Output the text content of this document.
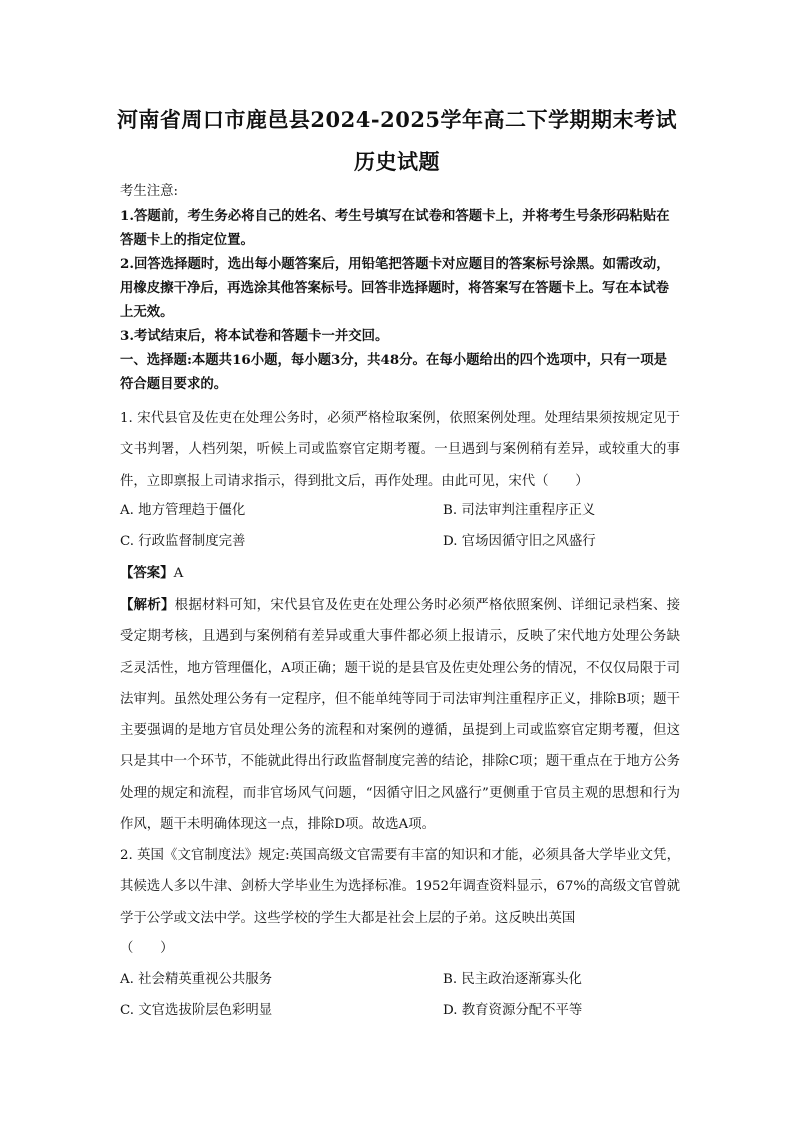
河南省周口市鹿邑县2024-2025学年高二下学期期末考试
历史试题
考生注意:
1.答题前，考生务必将自己的姓名、考生号填写在试卷和答题卡上，并将考生号条形码粘贴在答题卡上的指定位置。
2.回答选择题时，选出每小题答案后，用铅笔把答题卡对应题目的答案标号涂黑。如需改动，用橡皮擦干净后，再选涂其他答案标号。回答非选择题时，将答案写在答题卡上。写在本试卷上无效。
3.考试结束后，将本试卷和答题卡一并交回。
一、选择题:本题共16小题，每小题3分，共48分。在每小题给出的四个选项中，只有一项是符合题目要求的。
1. 宋代县官及佐吏在处理公务时，必须严格检取案例，依照案例处理。处理结果须按规定见于文书判署，人档列架，听候上司或监察官定期考覆。一旦遇到与案例稍有差异，或较重大的事件，立即禀报上司请求指示，得到批文后，再作处理。由此可见，宋代（　　）
A. 地方管理趋于僵化	B. 司法审判注重程序正义
C. 行政监督制度完善	D. 官场因循守旧之风盛行
【答案】A
【解析】根据材料可知，宋代县官及佐吏在处理公务时必须严格依照案例、详细记录档案、接受定期考核，且遇到与案例稍有差异或重大事件都必须上报请示，反映了宋代地方处理公务缺乏灵活性，地方管理僵化，A项正确；题干说的是县官及佐吏处理公务的情况，不仅仅局限于司法审判。虽然处理公务有一定程序，但不能单纯等同于司法审判注重程序正义，排除B项；题干主要强调的是地方官员处理公务的流程和对案例的遵循，虽提到上司或监察官定期考覆，但这只是其中一个环节，不能就此得出行政监督制度完善的结论，排除C项；题干重点在于地方公务处理的规定和流程，而非官场风气问题，“因循守旧之风盛行”更侧重于官员主观的思想和行为作风，题干未明确体现这一点，排除D项。故选A项。
2. 英国《文官制度法》规定:英国高级文官需要有丰富的知识和才能，必须具备大学毕业文凭，其候选人多以牛津、剑桥大学毕业生为选择标准。1952年调查资料显示，67%的高级文官曾就学于公学或文法中学。这些学校的学生大都是社会上层的子弟。这反映出英国
（　　）
A. 社会精英重视公共服务	B. 民主政治逐渐寡头化
C. 文官选拔阶层色彩明显	D. 教育资源分配不平等
